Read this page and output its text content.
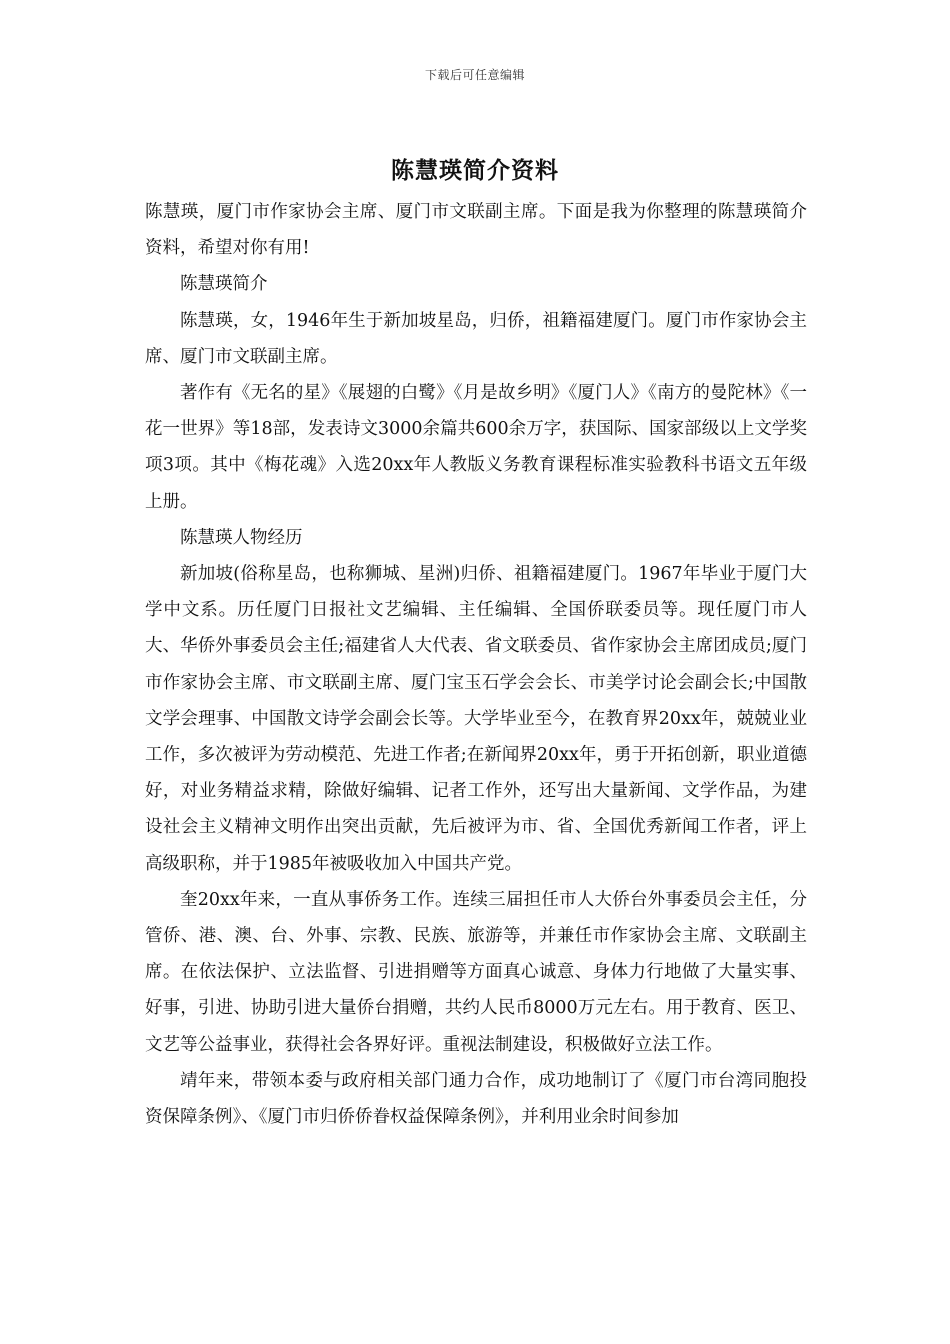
下载后可任意编辑
陈慧瑛简介资料

陈慧瑛，厦门市作家协会主席、厦门市文联副主席。下面是我为你整理的陈慧瑛简介资料，希望对你有用!

陈慧瑛简介

陈慧瑛，女，1946年生于新加坡星岛，归侨，祖籍福建厦门。厦门市作家协会主席、厦门市文联副主席。

著作有《无名的星》《展翅的白鹭》《月是故乡明》《厦门人》《南方的曼陀林》《一花一世界》等18部，发表诗文3000余篇共600余万字，获国际、国家部级以上文学奖项3项。其中《梅花魂》入选20xx年人教版义务教育课程标准实验教科书语文五年级上册。

陈慧瑛人物经历

新加坡(俗称星岛，也称狮城、星洲)归侨、祖籍福建厦门。1967年毕业于厦门大学中文系。历任厦门日报社文艺编辑、主任编辑、全国侨联委员等。现任厦门市人大、华侨外事委员会主任;福建省人大代表、省文联委员、省作家协会主席团成员;厦门市作家协会主席、市文联副主席、厦门宝玉石学会会长、市美学讨论会副会长;中国散文学会理事、中国散文诗学会副会长等。大学毕业至今，在教育界20xx年，兢兢业业工作，多次被评为劳动模范、先进工作者;在新闻界20xx年，勇于开拓创新，职业道德好，对业务精益求精，除做好编辑、记者工作外，还写出大量新闻、文学作品，为建设社会主义精神文明作出突出贡献，先后被评为市、省、全国优秀新闻工作者，评上高级职称，并于1985年被吸收加入中国共产党。

奎20xx年来，一直从事侨务工作。连续三届担任市人大侨台外事委员会主任，分管侨、港、澳、台、外事、宗教、民族、旅游等，并兼任市作家协会主席、文联副主席。在依法保护、立法监督、引进捐赠等方面真心诚意、身体力行地做了大量实事、好事，引进、协助引进大量侨台捐赠，共约人民币8000万元左右。用于教育、医卫、文艺等公益事业，获得社会各界好评。重视法制建设，积极做好立法工作。

靖年来，带领本委与政府相关部门通力合作，成功地制订了《厦门市台湾同胞投资保障条例》、《厦门市归侨侨眷权益保障条例》，并利用业余时间参加
